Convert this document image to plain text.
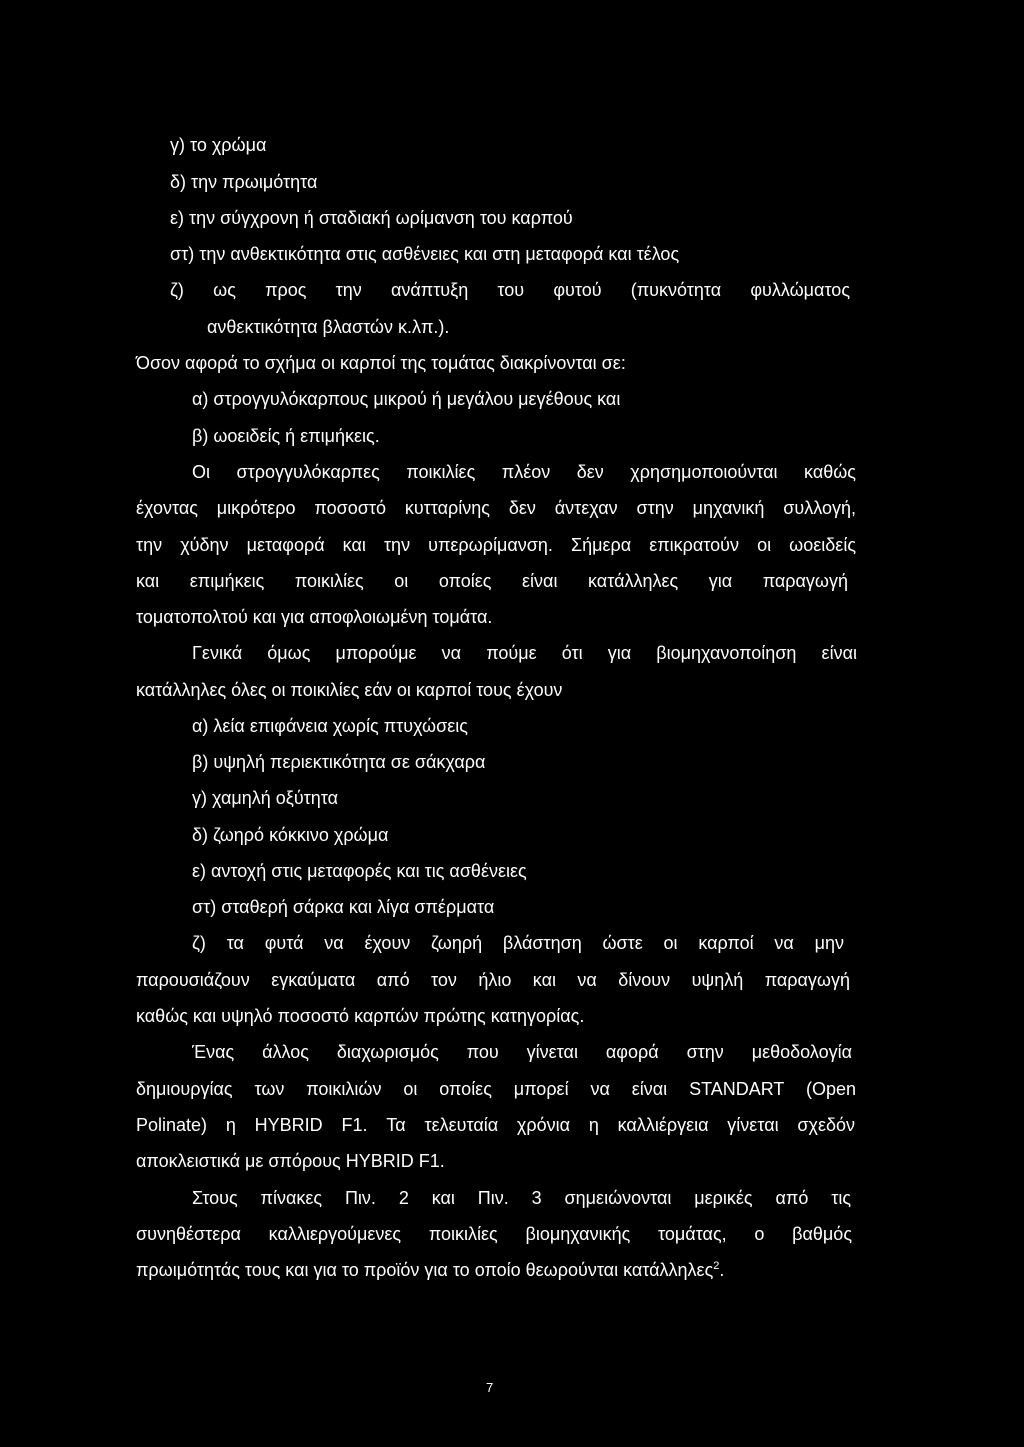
γ) το χρώμα
δ) την πρωιμότητα
ε) την σύγχρονη ή σταδιακή ωρίμανση του καρπού
στ) την ανθεκτικότητα στις ασθένειες και στη μεταφορά και τέλος
ζ) ως προς την ανάπτυξη του φυτού (πυκνότητα φυλλώματος
ανθεκτικότητα βλαστών κ.λπ.).
Όσον αφορά το σχήμα οι καρποί της τομάτας διακρίνονται σε:
α) στρογγυλόκαρπους μικρού ή μεγάλου μεγέθους και
β) ωοειδείς ή επιμήκεις.
Οι στρογγυλόκαρπες ποικιλίες πλέον δεν χρησημοποιούνται καθώς
έχοντας μικρότερο ποσοστό κυτταρίνης δεν άντεχαν στην μηχανική συλλογή,
την χύδην μεταφορά και την υπερωρίμανση. Σήμερα επικρατούν οι ωοειδείς
και επιμήκεις ποικιλίες οι οποίες είναι κατάλληλες για παραγωγή
τοματοπολτού και για αποφλοιωμένη τομάτα.
Γενικά όμως μπορούμε να πούμε ότι για βιομηχανοποίηση είναι
κατάλληλες όλες οι ποικιλίες εάν οι καρποί τους έχουν
α) λεία επιφάνεια χωρίς πτυχώσεις
β) υψηλή περιεκτικότητα σε σάκχαρα
γ) χαμηλή οξύτητα
δ) ζωηρό κόκκινο χρώμα
ε) αντοχή στις μεταφορές και τις ασθένειες
στ) σταθερή σάρκα και λίγα σπέρματα
ζ) τα φυτά να έχουν ζωηρή βλάστηση ώστε οι καρποί να μην
παρουσιάζουν εγκαύματα από τον ήλιο και να δίνουν υψηλή παραγωγή
καθώς και υψηλό ποσοστό καρπών πρώτης κατηγορίας.
Ένας άλλος διαχωρισμός που γίνεται αφορά στην μεθοδολογία
δημιουργίας των ποικιλιών οι οποίες μπορεί να είναι STANDART (Open
Polinate) η HYBRID F1. Τα τελευταία χρόνια η καλλιέργεια γίνεται σχεδόν
αποκλειστικά με σπόρους HYBRID F1.
Στους πίνακες Πιν. 2 και Πιν. 3 σημειώνονται μερικές από τις
συνηθέστερα καλλιεργούμενες ποικιλίες βιομηχανικής τομάτας, ο βαθμός
πρωιμότητάς τους και για το προϊόν για το οποίο θεωρούνται κατάλληλες$^2$.
7
